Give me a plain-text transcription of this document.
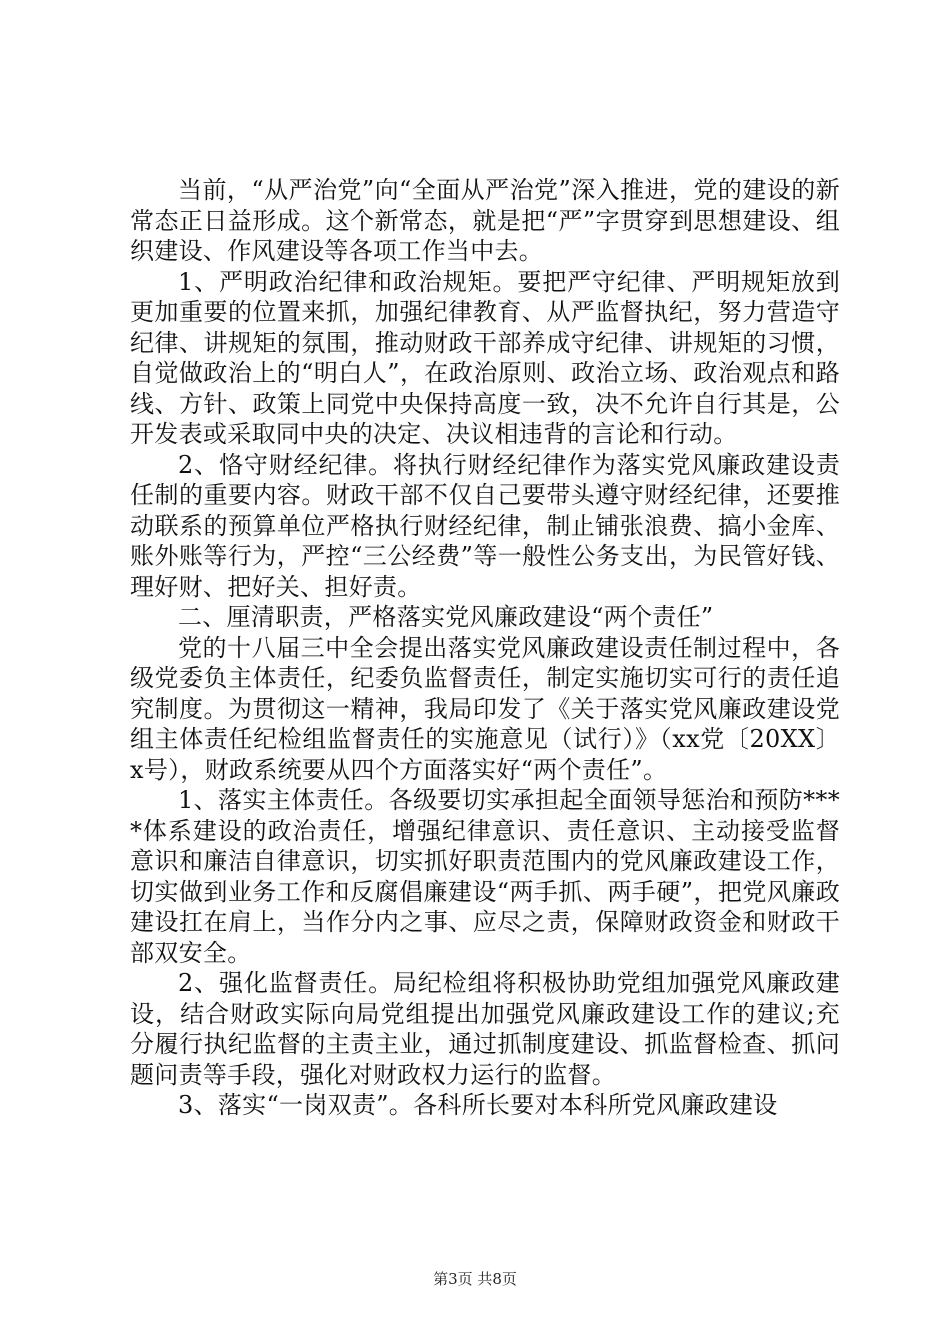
当前，“从严治党”向“全面从严治党”深入推进，党的建设的新常态正日益形成。这个新常态，就是把“严”字贯穿到思想建设、组织建设、作风建设等各项工作当中去。

1、严明政治纪律和政治规矩。要把严守纪律、严明规矩放到更加重要的位置来抓，加强纪律教育、从严监督执纪，努力营造守纪律、讲规矩的氛围，推动财政干部养成守纪律、讲规矩的习惯，自觉做政治上的“明白人”，在政治原则、政治立场、政治观点和路线、方针、政策上同党中央保持高度一致，决不允许自行其是，公开发表或采取同中央的决定、决议相违背的言论和行动。

2、恪守财经纪律。将执行财经纪律作为落实党风廉政建设责任制的重要内容。财政干部不仅自己要带头遵守财经纪律，还要推动联系的预算单位严格执行财经纪律，制止铺张浪费、搞小金库、账外账等行为，严控“三公经费”等一般性公务支出，为民管好钱、理好财、把好关、担好责。

二、厘清职责，严格落实党风廉政建设“两个责任”

党的十八届三中全会提出落实党风廉政建设责任制过程中，各级党委负主体责任，纪委负监督责任，制定实施切实可行的责任追究制度。为贯彻这一精神，我局印发了《关于落实党风廉政建设党组主体责任纪检组监督责任的实施意见（试行）》（xx党〔20XX〕x号），财政系统要从四个方面落实好“两个责任”。

1、落实主体责任。各级要切实承担起全面领导惩治和预防****体系建设的政治责任，增强纪律意识、责任意识、主动接受监督意识和廉洁自律意识，切实抓好职责范围内的党风廉政建设工作，切实做到业务工作和反腐倡廉建设“两手抓、两手硬”，把党风廉政建设扛在肩上，当作分内之事、应尽之责，保障财政资金和财政干部双安全。

2、强化监督责任。局纪检组将积极协助党组加强党风廉政建设，结合财政实际向局党组提出加强党风廉政建设工作的建议;充分履行执纪监督的主责主业，通过抓制度建设、抓监督检查、抓问题问责等手段，强化对财政权力运行的监督。

3、落实“一岗双责”。各科所长要对本科所党风廉政建设

第3页 共8页
